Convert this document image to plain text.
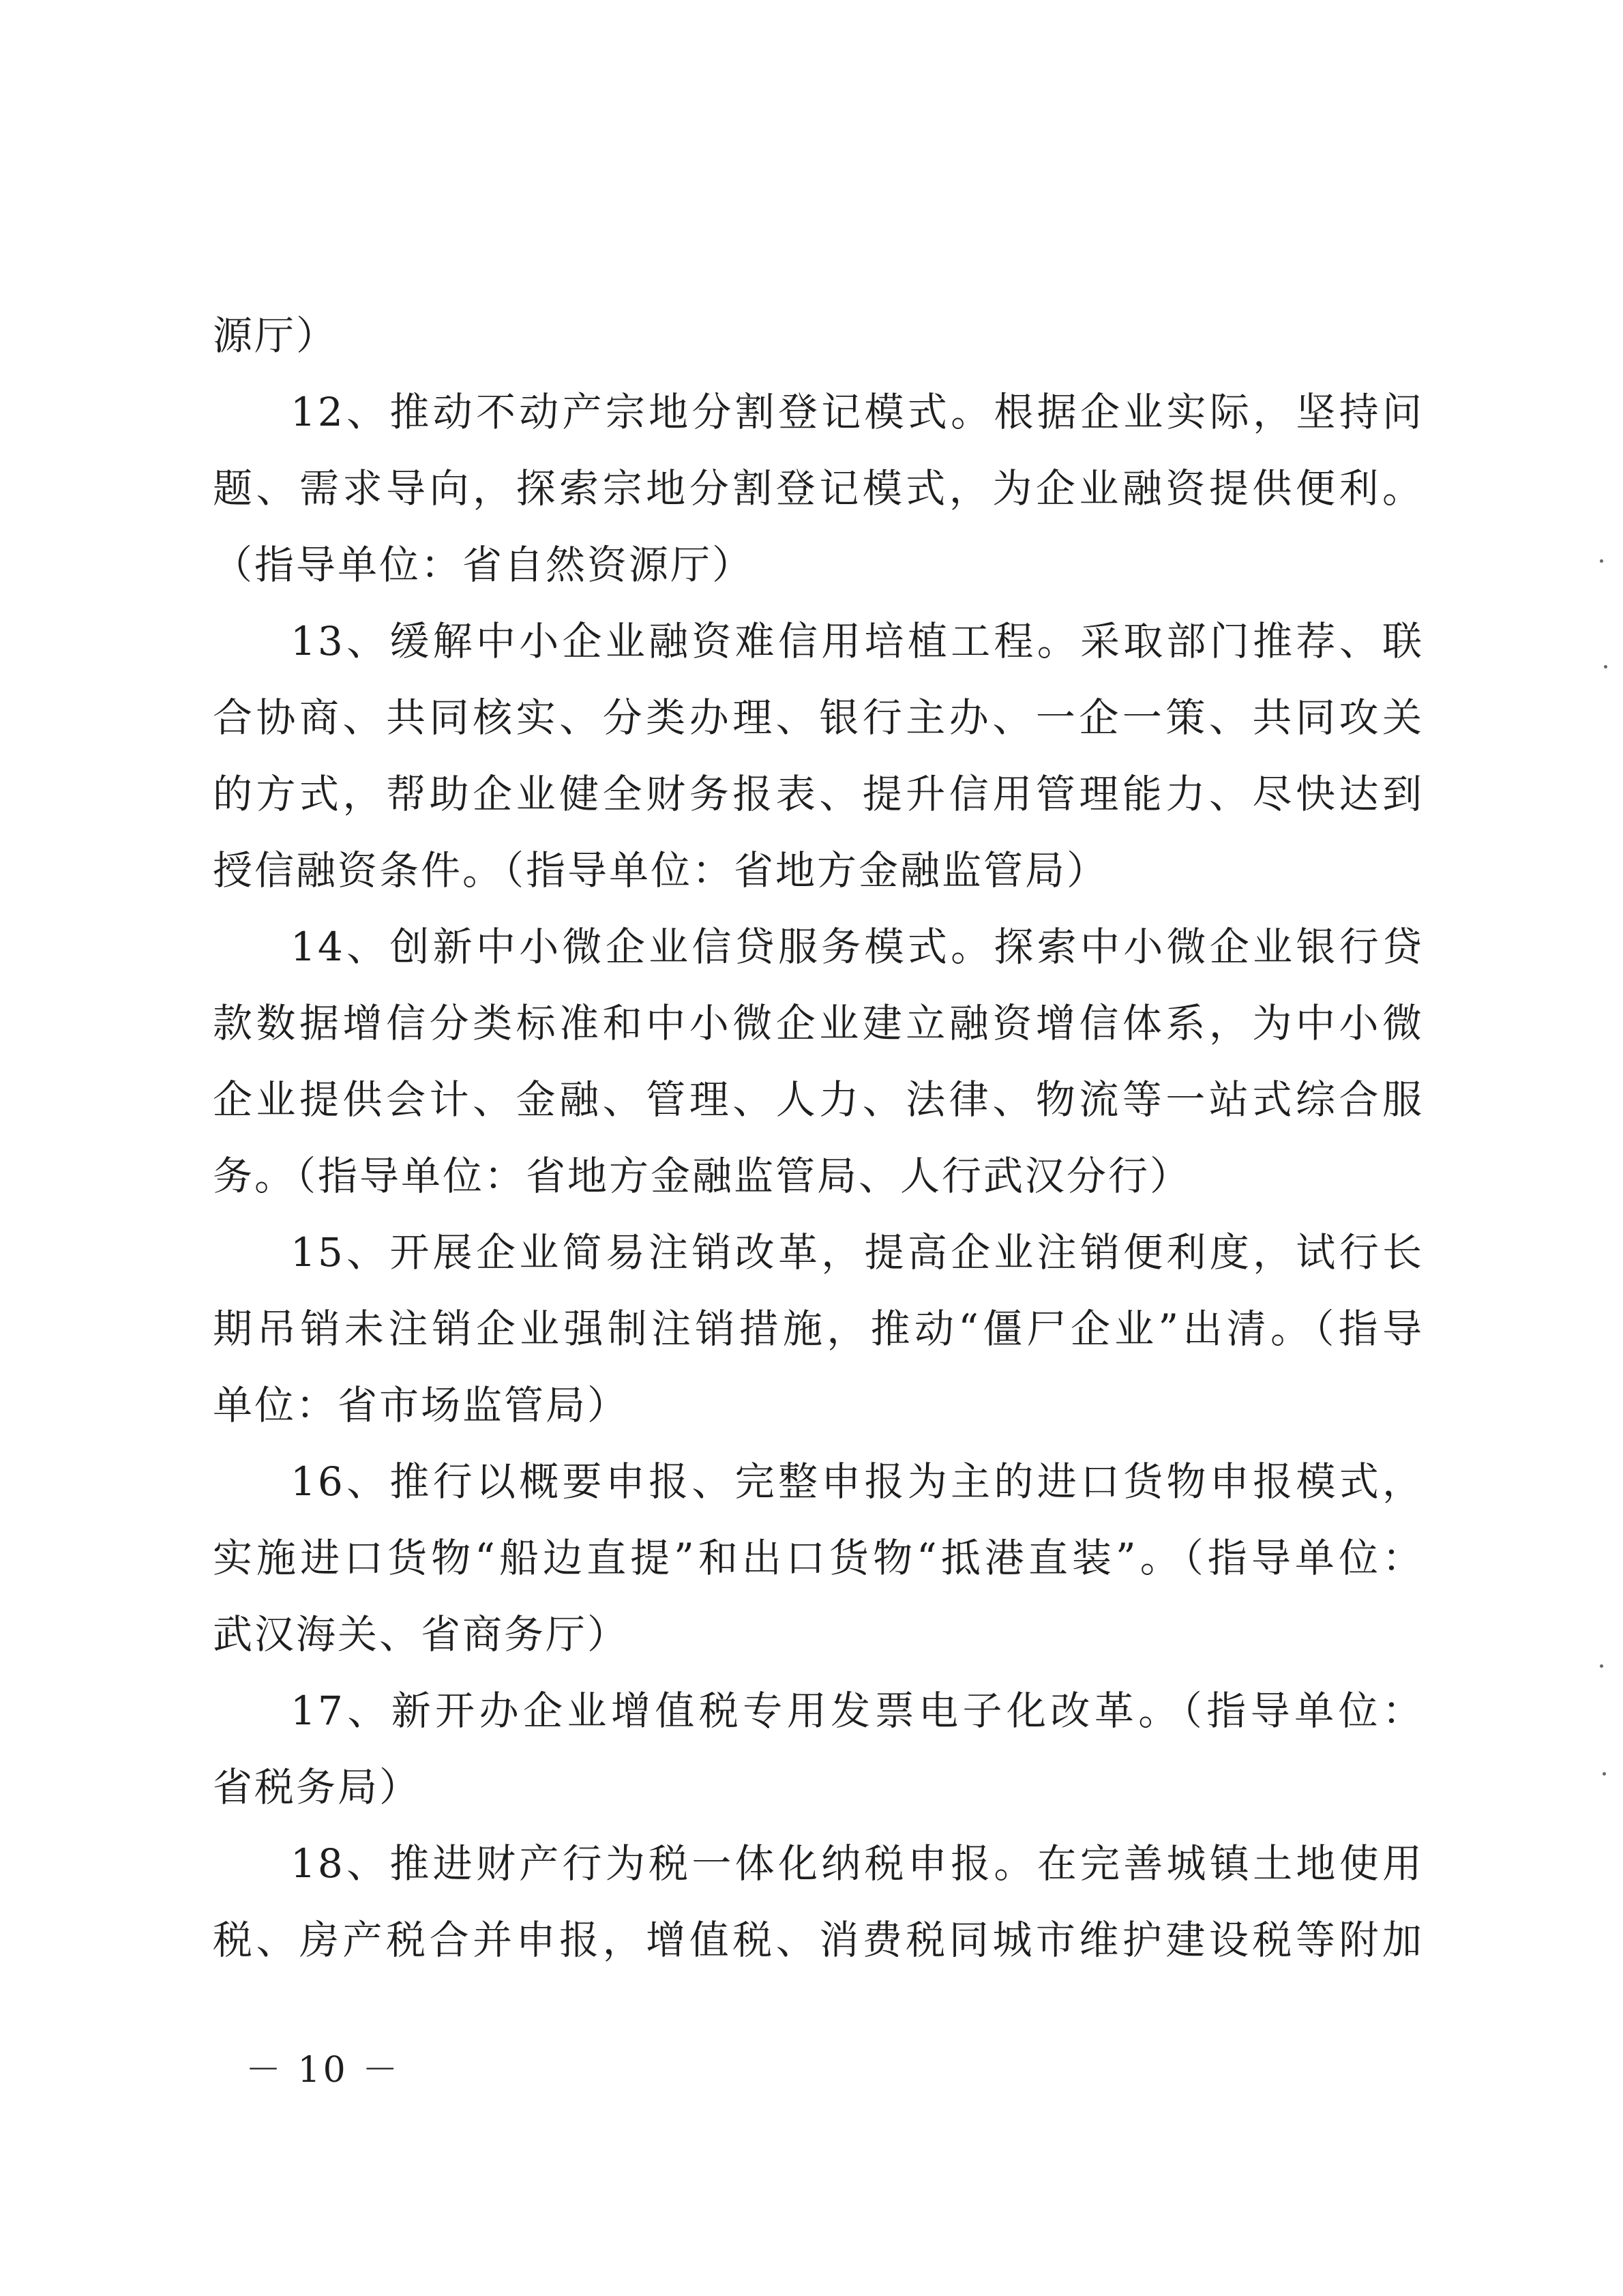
源厅）
12、推动不动产宗地分割登记模式。根据企业实际，坚持问
题、需求导向，探索宗地分割登记模式，为企业融资提供便利。
（指导单位：省自然资源厅）
13、缓解中小企业融资难信用培植工程。采取部门推荐、联
合协商、共同核实、分类办理、银行主办、一企一策、共同攻关
的方式，帮助企业健全财务报表、提升信用管理能力、尽快达到
授信融资条件。（指导单位：省地方金融监管局）
14、创新中小微企业信贷服务模式。探索中小微企业银行贷
款数据增信分类标准和中小微企业建立融资增信体系，为中小微
企业提供会计、金融、管理、人力、法律、物流等一站式综合服
务。（指导单位：省地方金融监管局、人行武汉分行）
15、开展企业简易注销改革，提高企业注销便利度，试行长
期吊销未注销企业强制注销措施，推动“僵尸企业”出清。（指导
单位：省市场监管局）
16、推行以概要申报、完整申报为主的进口货物申报模式，
实施进口货物“船边直提”和出口货物“抵港直装”。（指导单位：
武汉海关、省商务厅）
17、新开办企业增值税专用发票电子化改革。（指导单位：
省税务局）
18、推进财产行为税一体化纳税申报。在完善城镇土地使用
税、房产税合并申报，增值税、消费税同城市维护建设税等附加
－ 10 －
